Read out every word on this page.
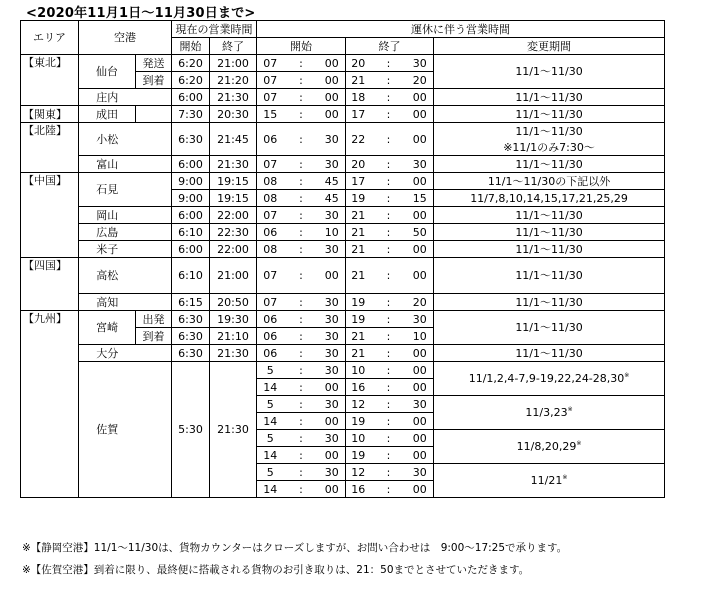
<2020年11月1日～11月30日まで>
エリア	空港		現在の営業時間		運休に伴う営業時間						
			開始	終了	開始			終了			変更期間
【東北】	仙台	発送	6:20	21:00	07	:	00	20	:	30	11/1～11/30
		到着	6:20	21:20	07	:	00	21	:	20	
	庄内		6:00	21:30	07	:	00	18	:	00	11/1～11/30
【関東】	成田		7:30	20:30	15	:	00	17	:	00	11/1～11/30
【北陸】	小松		6:30	21:45	06	:	30	22	:	00	11/1～11/30
											※11/1のみ7:30～
	富山		6:00	21:30	07	:	30	20	:	30	11/1～11/30
【中国】	石見		9:00	19:15	08	:	45	17	:	00	11/1～11/30の下記以外
			9:00	19:15	08	:	45	19	:	15	11/7,8,10,14,15,17,21,25,29
	岡山		6:00	22:00	07	:	30	21	:	00	11/1～11/30
	広島		6:10	22:30	06	:	10	21	:	50	11/1～11/30
	米子		6:00	22:00	08	:	30	21	:	00	11/1～11/30
【四国】	高松		6:10	21:00	07	:	00	21	:	00	11/1～11/30
	高知		6:15	20:50	07	:	30	19	:	20	11/1～11/30
【九州】	宮崎	出発	6:30	19:30	06	:	30	19	:	30	11/1～11/30
		到着	6:30	21:10	06	:	30	21	:	10	
	大分		6:30	21:30	06	:	30	21	:	00	11/1～11/30
	佐賀		5:30	21:30	5	:	30	10	:	00	11/1,2,4-7,9-19,22,24-28,30※
					14	:	00	16	:	00	
					5	:	30	12	:	30	11/3,23※
					14	:	00	19	:	00	
					5	:	30	10	:	00	11/8,20,29※
					14	:	00	19	:	00	
					5	:	30	12	:	30	11/21※
					14	:	00	16	:	00	
※【静岡空港】11/1～11/30は、貨物カウンターはクローズしますが、お問い合わせは　9:00～17:25で承ります。
※【佐賀空港】到着に限り、最終便に搭載される貨物のお引き取りは、21：50までとさせていただきます。
